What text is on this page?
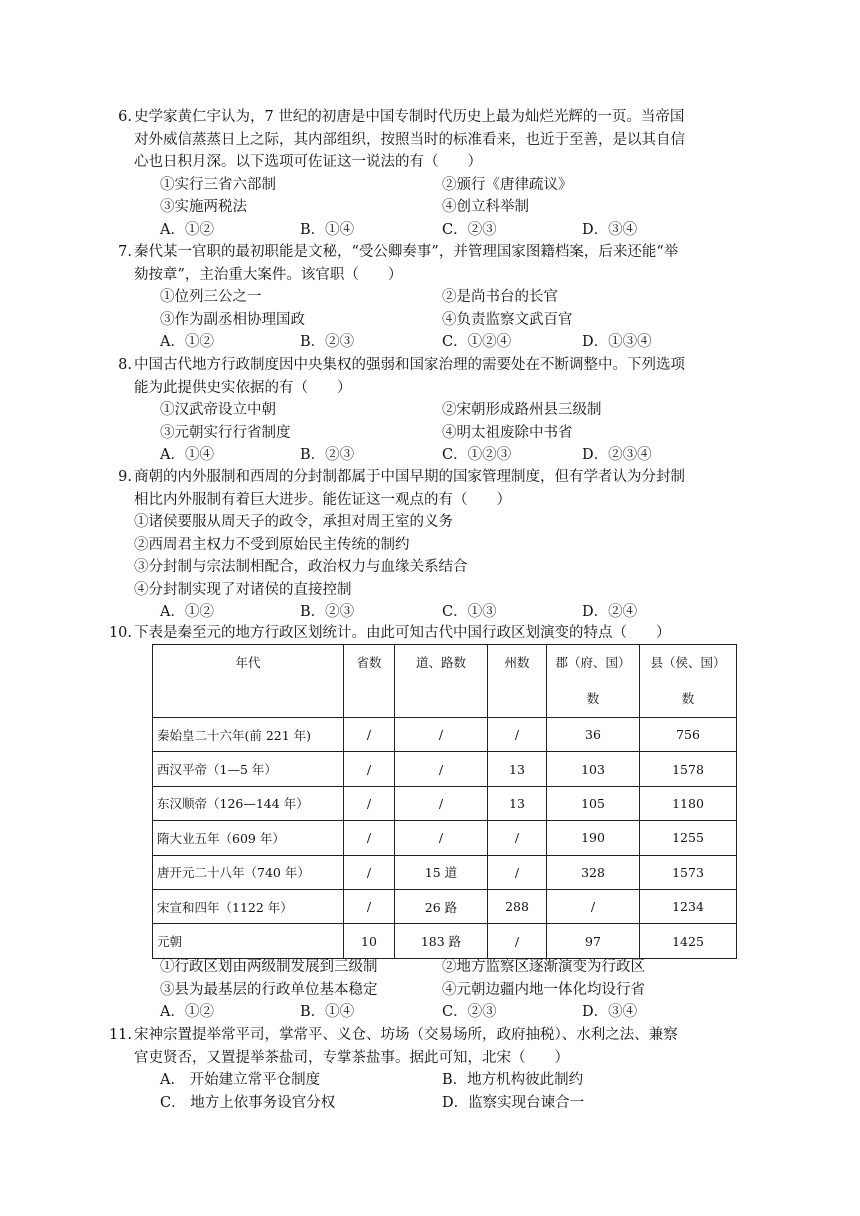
6. 史学家黄仁宇认为，7 世纪的初唐是中国专制时代历史上最为灿烂光辉的一页。当帝国
对外威信蒸蒸日上之际，其内部组织，按照当时的标准看来，也近于至善，是以其自信
心也日积月深。以下选项可佐证这一说法的有（　　）
①实行三省六部制	②颁行《唐律疏议》
③实施两税法	④创立科举制
A．①②	B．①④	C．②③	D．③④
7. 秦代某一官职的最初职能是文秘，“受公卿奏事”，并管理国家图籍档案，后来还能“举
劾按章”，主治重大案件。该官职（　　）
①位列三公之一	②是尚书台的长官
③作为副丞相协理国政	④负责监察文武百官
A．①②	B．②③	C．①②④	D．①③④
8. 中国古代地方行政制度因中央集权的强弱和国家治理的需要处在不断调整中。下列选项
能为此提供史实依据的有（　　）
①汉武帝设立中朝	②宋朝形成路州县三级制
③元朝实行行省制度	④明太祖废除中书省
A．①④	B．②③	C．①②③	D．②③④
9. 商朝的内外服制和西周的分封制都属于中国早期的国家管理制度，但有学者认为分封制
相比内外服制有着巨大进步。能佐证这一观点的有（　　）
①诸侯要服从周天子的政令，承担对周王室的义务
②西周君主权力不受到原始民主传统的制约
③分封制与宗法制相配合，政治权力与血缘关系结合
④分封制实现了对诸侯的直接控制
A．①②	B．②③	C．①③	D．②④
10. 下表是秦至元的地方行政区划统计。由此可知古代中国行政区划演变的特点（　　）
年代	省数	道、路数	州数	郡（府、国）
数	县（侯、国）
数
秦始皇二十六年(前 221 年)	/	/	/	36	756
西汉平帝（1—5 年）	/	/	13	103	1578
东汉顺帝（126—144 年）	/	/	13	105	1180
隋大业五年（609 年）	/	/	/	190	1255
唐开元二十八年（740 年）	/	15 道	/	328	1573
宋宣和四年（1122 年）	/	26 路	288	/	1234
元朝	10	183 路	/	97	1425
①行政区划由两级制发展到三级制	②地方监察区逐渐演变为行政区
③县为最基层的行政单位基本稳定	④元朝边疆内地一体化均设行省
A．①②	B．①④	C．②③	D．③④
11. 宋神宗置提举常平司，掌常平、义仓、坊场（交易场所，政府抽税）、水利之法、兼察
官吏贤否，又置提举茶盐司，专掌茶盐事。据此可知，北宋（　　）
A． 开始建立常平仓制度	B．地方机构彼此制约
C． 地方上依事务设官分权	D．监察实现台谏合一
